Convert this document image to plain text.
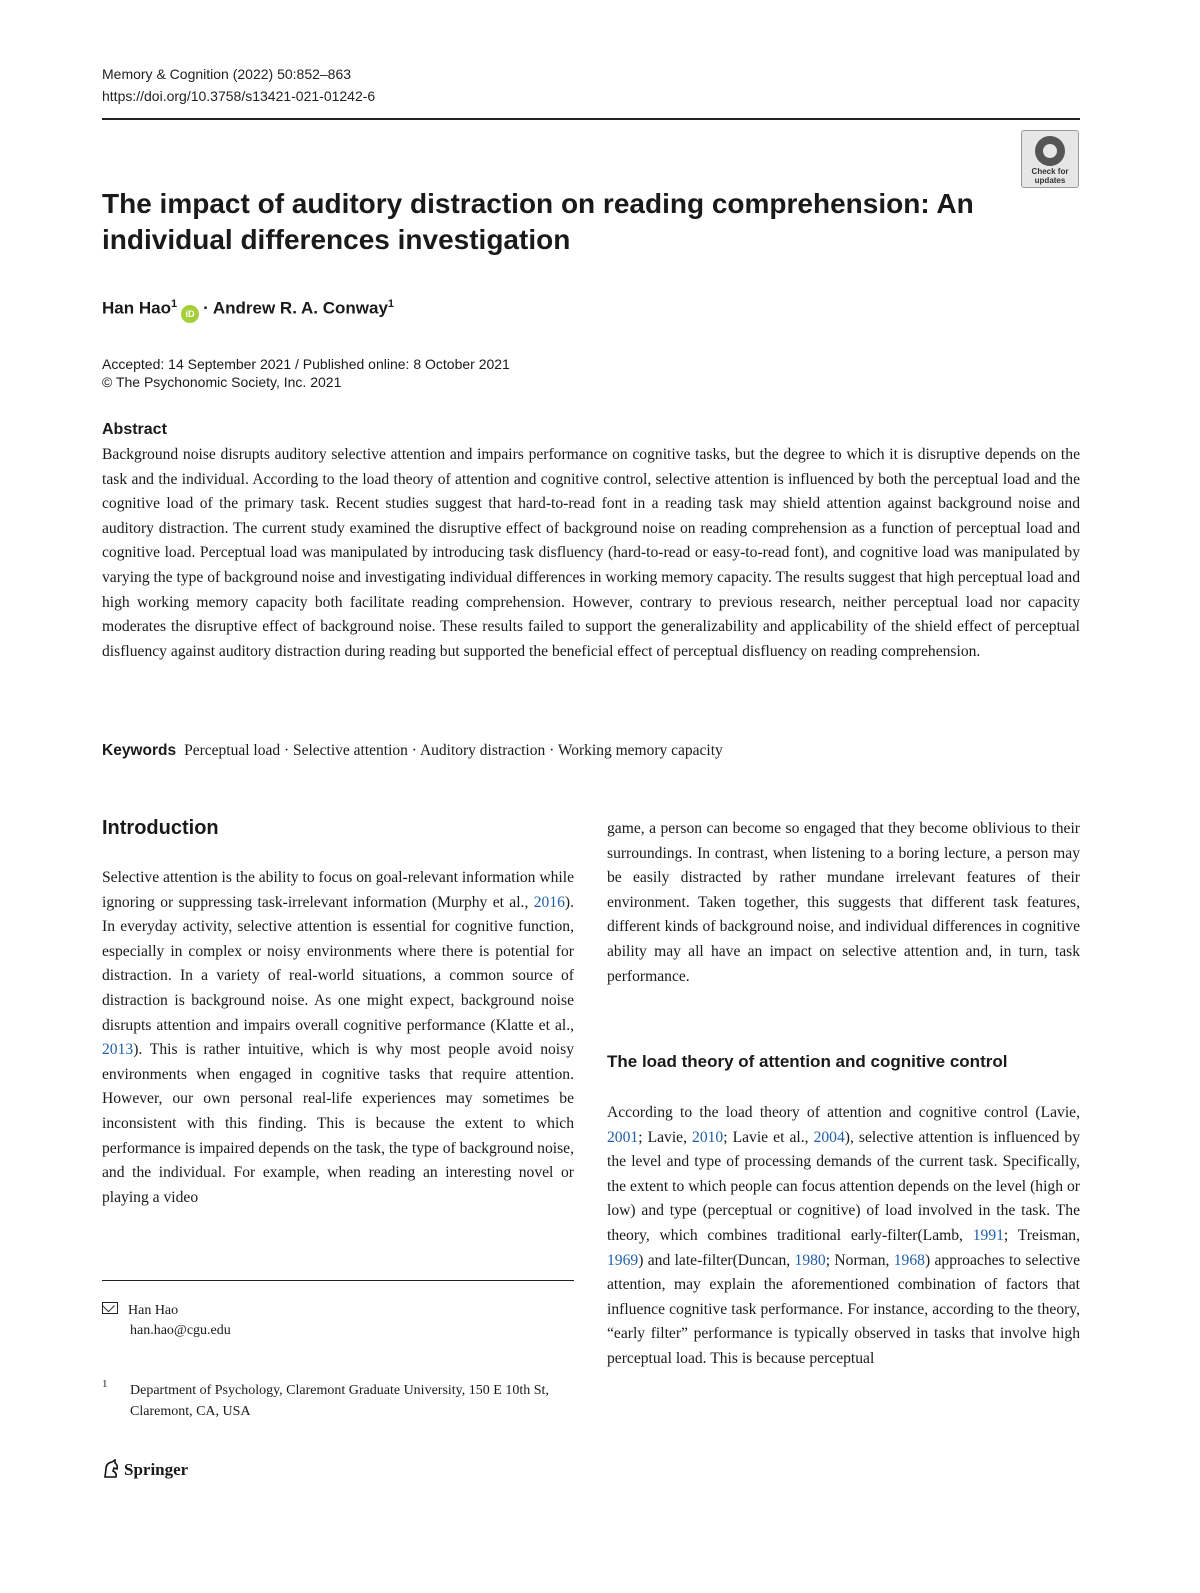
Memory & Cognition (2022) 50:852–863
https://doi.org/10.3758/s13421-021-01242-6
Check for updates
The impact of auditory distraction on reading comprehension: An individual differences investigation
Han Hao$^1$iD · Andrew R. A. Conway$^1$
Accepted: 14 September 2021 / Published online: 8 October 2021
© The Psychonomic Society, Inc. 2021
Abstract
Background noise disrupts auditory selective attention and impairs performance on cognitive tasks, but the degree to which it is disruptive depends on the task and the individual. According to the load theory of attention and cognitive control, selective attention is influenced by both the perceptual load and the cognitive load of the primary task. Recent studies suggest that hard-to-read font in a reading task may shield attention against background noise and auditory distraction. The current study examined the disruptive effect of background noise on reading comprehension as a function of perceptual load and cognitive load. Perceptual load was manipulated by introducing task disfluency (hard-to-read or easy-to-read font), and cognitive load was manipulated by varying the type of background noise and investigating individual differences in working memory capacity. The results suggest that high perceptual load and high working memory capacity both facilitate reading comprehension. However, contrary to previous research, neither perceptual load nor capacity moderates the disruptive effect of background noise. These results failed to support the generalizability and applicability of the shield effect of perceptual disfluency against auditory distraction during reading but supported the beneficial effect of perceptual disfluency on reading comprehension.
Keywords Perceptual load · Selective attention · Auditory distraction · Working memory capacity
Introduction
Selective attention is the ability to focus on goal-relevant information while ignoring or suppressing task-irrelevant information (Murphy et al., 2016). In everyday activity, selective attention is essential for cognitive function, especially in complex or noisy environments where there is potential for distraction. In a variety of real-world situations, a common source of distraction is background noise. As one might expect, background noise disrupts attention and impairs overall cognitive performance (Klatte et al., 2013). This is rather intuitive, which is why most people avoid noisy environments when engaged in cognitive tasks that require attention. However, our own personal real-life experiences may sometimes be inconsistent with this finding. This is because the extent to which performance is impaired depends on the task, the type of background noise, and the individual. For example, when reading an interesting novel or playing a video
Han Hao
han.hao@cgu.edu
1 Department of Psychology, Claremont Graduate University, 150 E 10th St, Claremont, CA, USA
Springer
game, a person can become so engaged that they become oblivious to their surroundings. In contrast, when listening to a boring lecture, a person may be easily distracted by rather mundane irrelevant features of their environment. Taken together, this suggests that different task features, different kinds of background noise, and individual differences in cognitive ability may all have an impact on selective attention and, in turn, task performance.
The load theory of attention and cognitive control
According to the load theory of attention and cognitive control (Lavie, 2001; Lavie, 2010; Lavie et al., 2004), selective attention is influenced by the level and type of processing demands of the current task. Specifically, the extent to which people can focus attention depends on the level (high or low) and type (perceptual or cognitive) of load involved in the task. The theory, which combines traditional early-filter(Lamb, 1991; Treisman, 1969) and late-filter(Duncan, 1980; Norman, 1968) approaches to selective attention, may explain the aforementioned combination of factors that influence cognitive task performance. For instance, according to the theory, “early filter” performance is typically observed in tasks that involve high perceptual load. This is because perceptual
